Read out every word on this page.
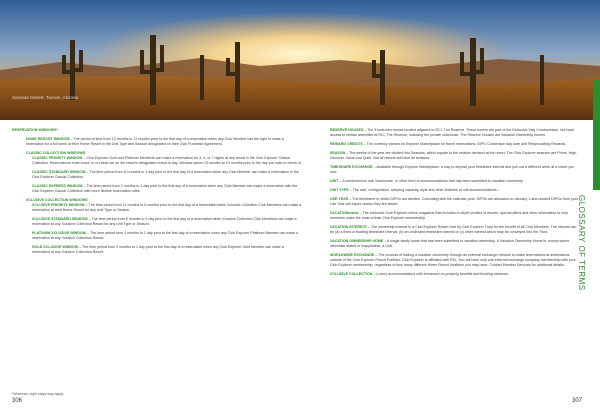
Sonoran Desert, Tucson, Arizona
GLOSSARY OF TERMS
RESERVATION WINDOWS*
HOME RESORT WINDOW – The period of time from 13 months to 11 months prior to the first day of a reservation when any Club Member has the right to make a reservation for a full week at their Home Resort in the Unit Type and Season designated on their Club Purchase Agreement.
CLASSIC COLLECTION WINDOWS
CLASSIC PRIORITY WINDOW – Club Explorer Gold and Platinum Members can make a reservation for 3, 4, or 7 nights at any resort in the Club Explorer Classic Collection. Reservations must check in or check out on the resort's designated check-in day. Window opens 13 months to 10 months prior to the day you wish to check in.
CLASSIC STANDARD WINDOW – The time period from 10 months to 1 day prior to the first day of a reservation when any Club Member can make a reservation in the Club Explorer Classic Collection.
CLASSIC EXPRESS WINDOW – The time period from 2 months to 1 day prior to the first day of a reservation when any Club Member can make a reservation with the Club Explorer Classic Collection with more flexible reservation rules.
XCLUSIVE COLLECTION WINDOWS
XCLUSIVE PRIORITY WINDOW – The time period from 11 months to 6 months prior to the first day of a reservation when Xclusive Collection Club Members can make a reservation at their Home Resort for any Unit Type or Season.
XCLUSIVE STANDARD WINDOW – The time period from 6 months to 1 day prior to the first day of a reservation when Xclusive Collection Club Members can make a reservation at any Xclusive Collection Resort for any Unit Type or Season.
PLATINUM XCLUSIVE WINDOW – The time period from 3 months to 1 day prior to the first day of a reservation when any Club Explorer Platinum Member can make a reservation at any Xclusive Collection Resort.
GOLD XCLUSIVE WINDOW – The time period from 2 months to 1 day prior to the first day of a reservation when any Club Explorer Gold Member can make a reservation at any Xclusive Collection Resort.
*Wherever night stays may apply.
RESERVE HOUSES – The 5 bedroom homes located adjacent to RCI, The Reserve. These homes are part of the Exclusive Valy Condominium, but have access to certain amenities at RCI, The Reserve, including the private clubhouse. The Reserve Houses are Vacation Ownership homes.
REWARD CREDITS – The currency earned on Explorer Marketplace for travel reservations. DIPO Conversion day date and Reciprocating Rewards.
SEASON – The weeks of the year are divided into Seasons, which equate to the relative demand at the resort. The Club Explorer seasons are Prime, High, Discover, Value and Quiet. Not all resorts will have all seasons.
TIMESHARE EXCHANGE – Available through Explorer Marketplace: a way to deposit your timeshare interval and pull out a different week at a resort you love.
UNIT – A condominium unit, townhouse, or other form of accommodations that has been submitted to vacation ownership.
UNIT TYPE – The size, configuration, sleeping capacity, style and other features of unit accommodations.
USE YEAR – The timeframe in which DIPOs are allotted. Coinciding with the calendar year, DIPOs are allocated on January 1 and unused DIPOs from your Use Year will expire unless they are saved.
VACATIONinside – The exclusive Club Explorer online magazine that includes in-depth profiles of resorts, special offers and other information to help members make the most of their Club Explorer membership.
VACATION INTEREST – The ownership interest in a Club Explorer Resort held by Club Explorer Trust for the benefit of all Club Members. The interest can be (a) a fixed or floating timeshare interval; (b) an undivided timeshare interest or (c) other interest which may be conveyed into the Trust.
VACATION OWNERSHIP HOME – A single family home that has been submitted to vacation ownership. A Vacation Ownership Home is, except where otherwise stated or inapplicable, a Unit.
WORLDWIDE EXCHANGE – The process of trading a vacation ownership through an external exchange network to make reservations at destinations outside of the Club Explorer Resort Portfolio. Club Explorer is affiliated with RCI. You will have only one external exchange company membership with your Club Explorer membership, regardless of how many different Home Resort locations you may have. Contact Member Services for additional details.
XCLUSIVE COLLECTION – Luxury accommodations with enhanced on-property benefits and booking windows.
306	307
